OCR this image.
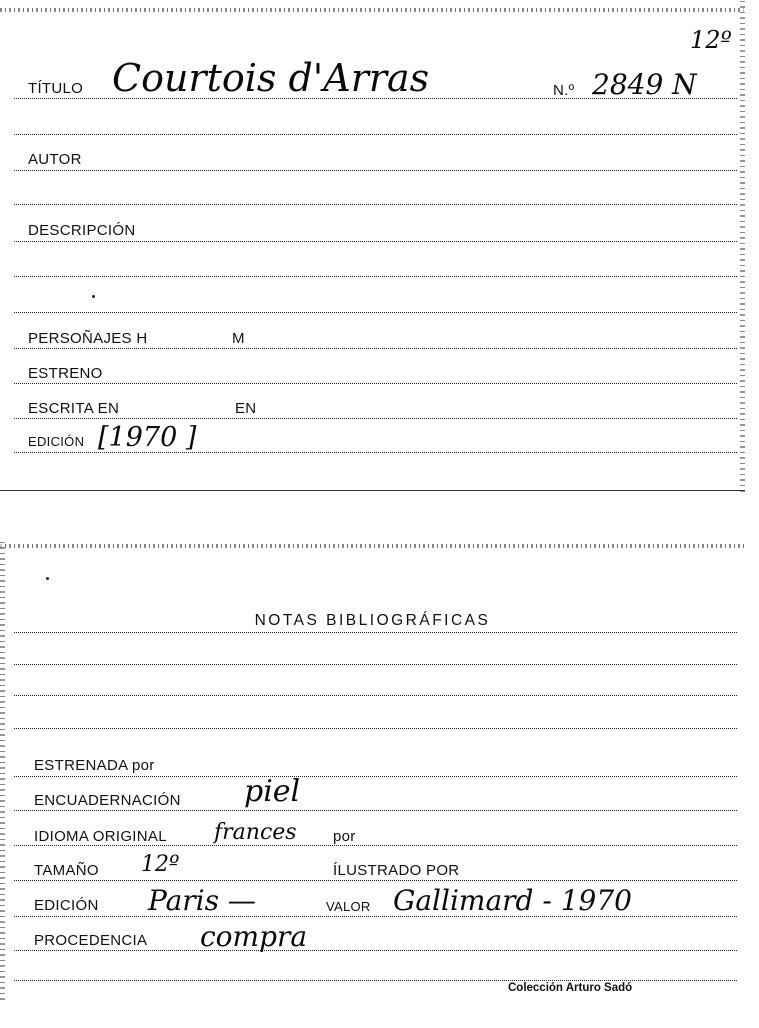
12º
TÍTULO Courtois d'Arras	N.º 2849 N
AUTOR
DESCRIPCIÓN
PERSOÑAJES H	M
ESTRENO
ESCRITA EN	EN
EDICIÓN [1970 ]
NOTAS BIBLIOGRÁFICAS
ESTRENADA por
ENCUADERNACIÓN piel
IDIOMA ORIGINAL frances por
TAMAÑO 12º	ÍLUSTRADO POR
EDICIÓN Paris —	VALOR Gallimard - 1970
PROCEDENCIA compra
Colección Arturo Sadó
